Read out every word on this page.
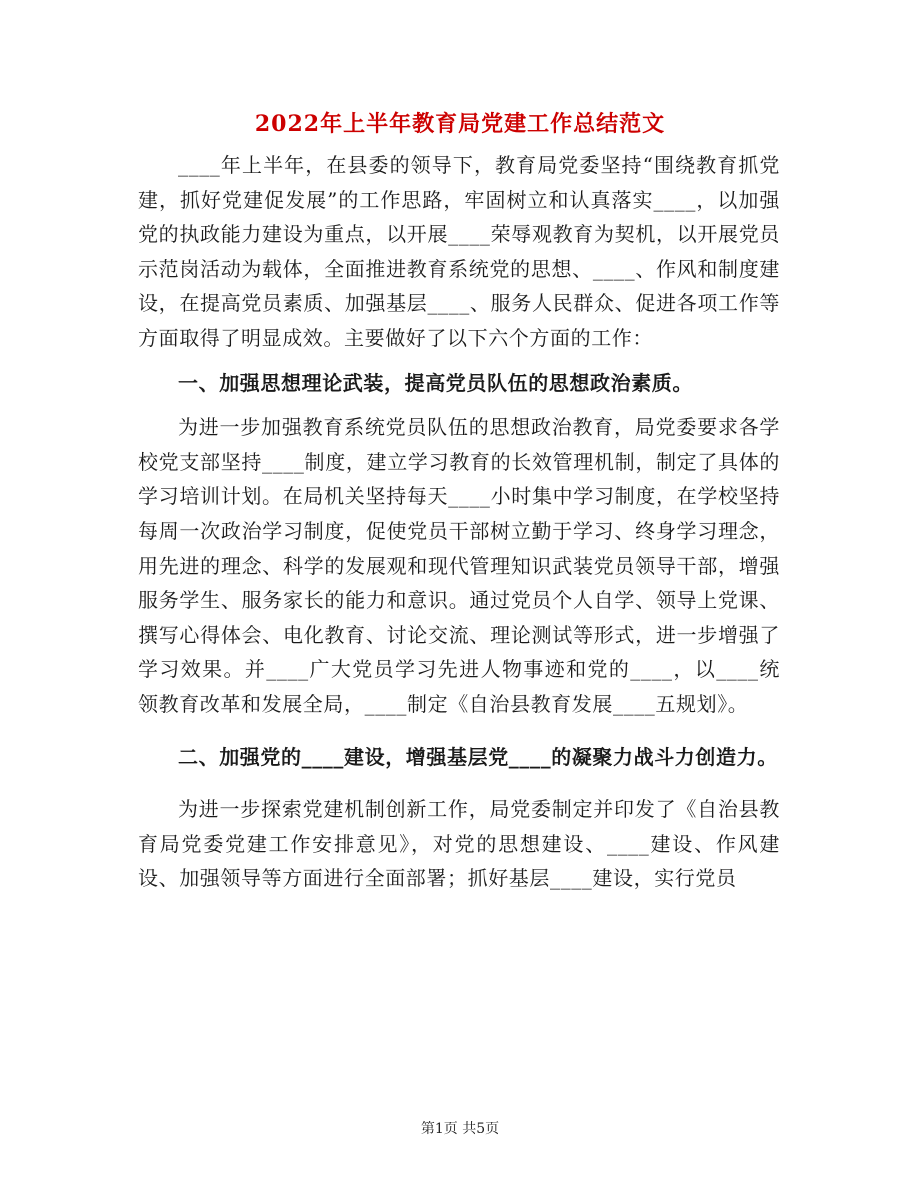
2022年上半年教育局党建工作总结范文

____年上半年，在县委的领导下，教育局党委坚持“围绕教育抓党建，抓好党建促发展”的工作思路，牢固树立和认真落实____，以加强党的执政能力建设为重点，以开展____荣辱观教育为契机，以开展党员示范岗活动为载体，全面推进教育系统党的思想、____、作风和制度建设，在提高党员素质、加强基层____、服务人民群众、促进各项工作等方面取得了明显成效。主要做好了以下六个方面的工作：

一、加强思想理论武装，提高党员队伍的思想政治素质。

为进一步加强教育系统党员队伍的思想政治教育，局党委要求各学校党支部坚持____制度，建立学习教育的长效管理机制，制定了具体的学习培训计划。在局机关坚持每天____小时集中学习制度，在学校坚持每周一次政治学习制度，促使党员干部树立勤于学习、终身学习理念，用先进的理念、科学的发展观和现代管理知识武装党员领导干部，增强服务学生、服务家长的能力和意识。通过党员个人自学、领导上党课、撰写心得体会、电化教育、讨论交流、理论测试等形式，进一步增强了学习效果。并____广大党员学习先进人物事迹和党的____，以____统领教育改革和发展全局，____制定《自治县教育发展____五规划》。

二、加强党的____建设，增强基层党____的凝聚力战斗力创造力。

为进一步探索党建机制创新工作，局党委制定并印发了《自治县教育局党委党建工作安排意见》，对党的思想建设、____建设、作风建设、加强领导等方面进行全面部署；抓好基层____建设，实行党员

第1页 共5页
